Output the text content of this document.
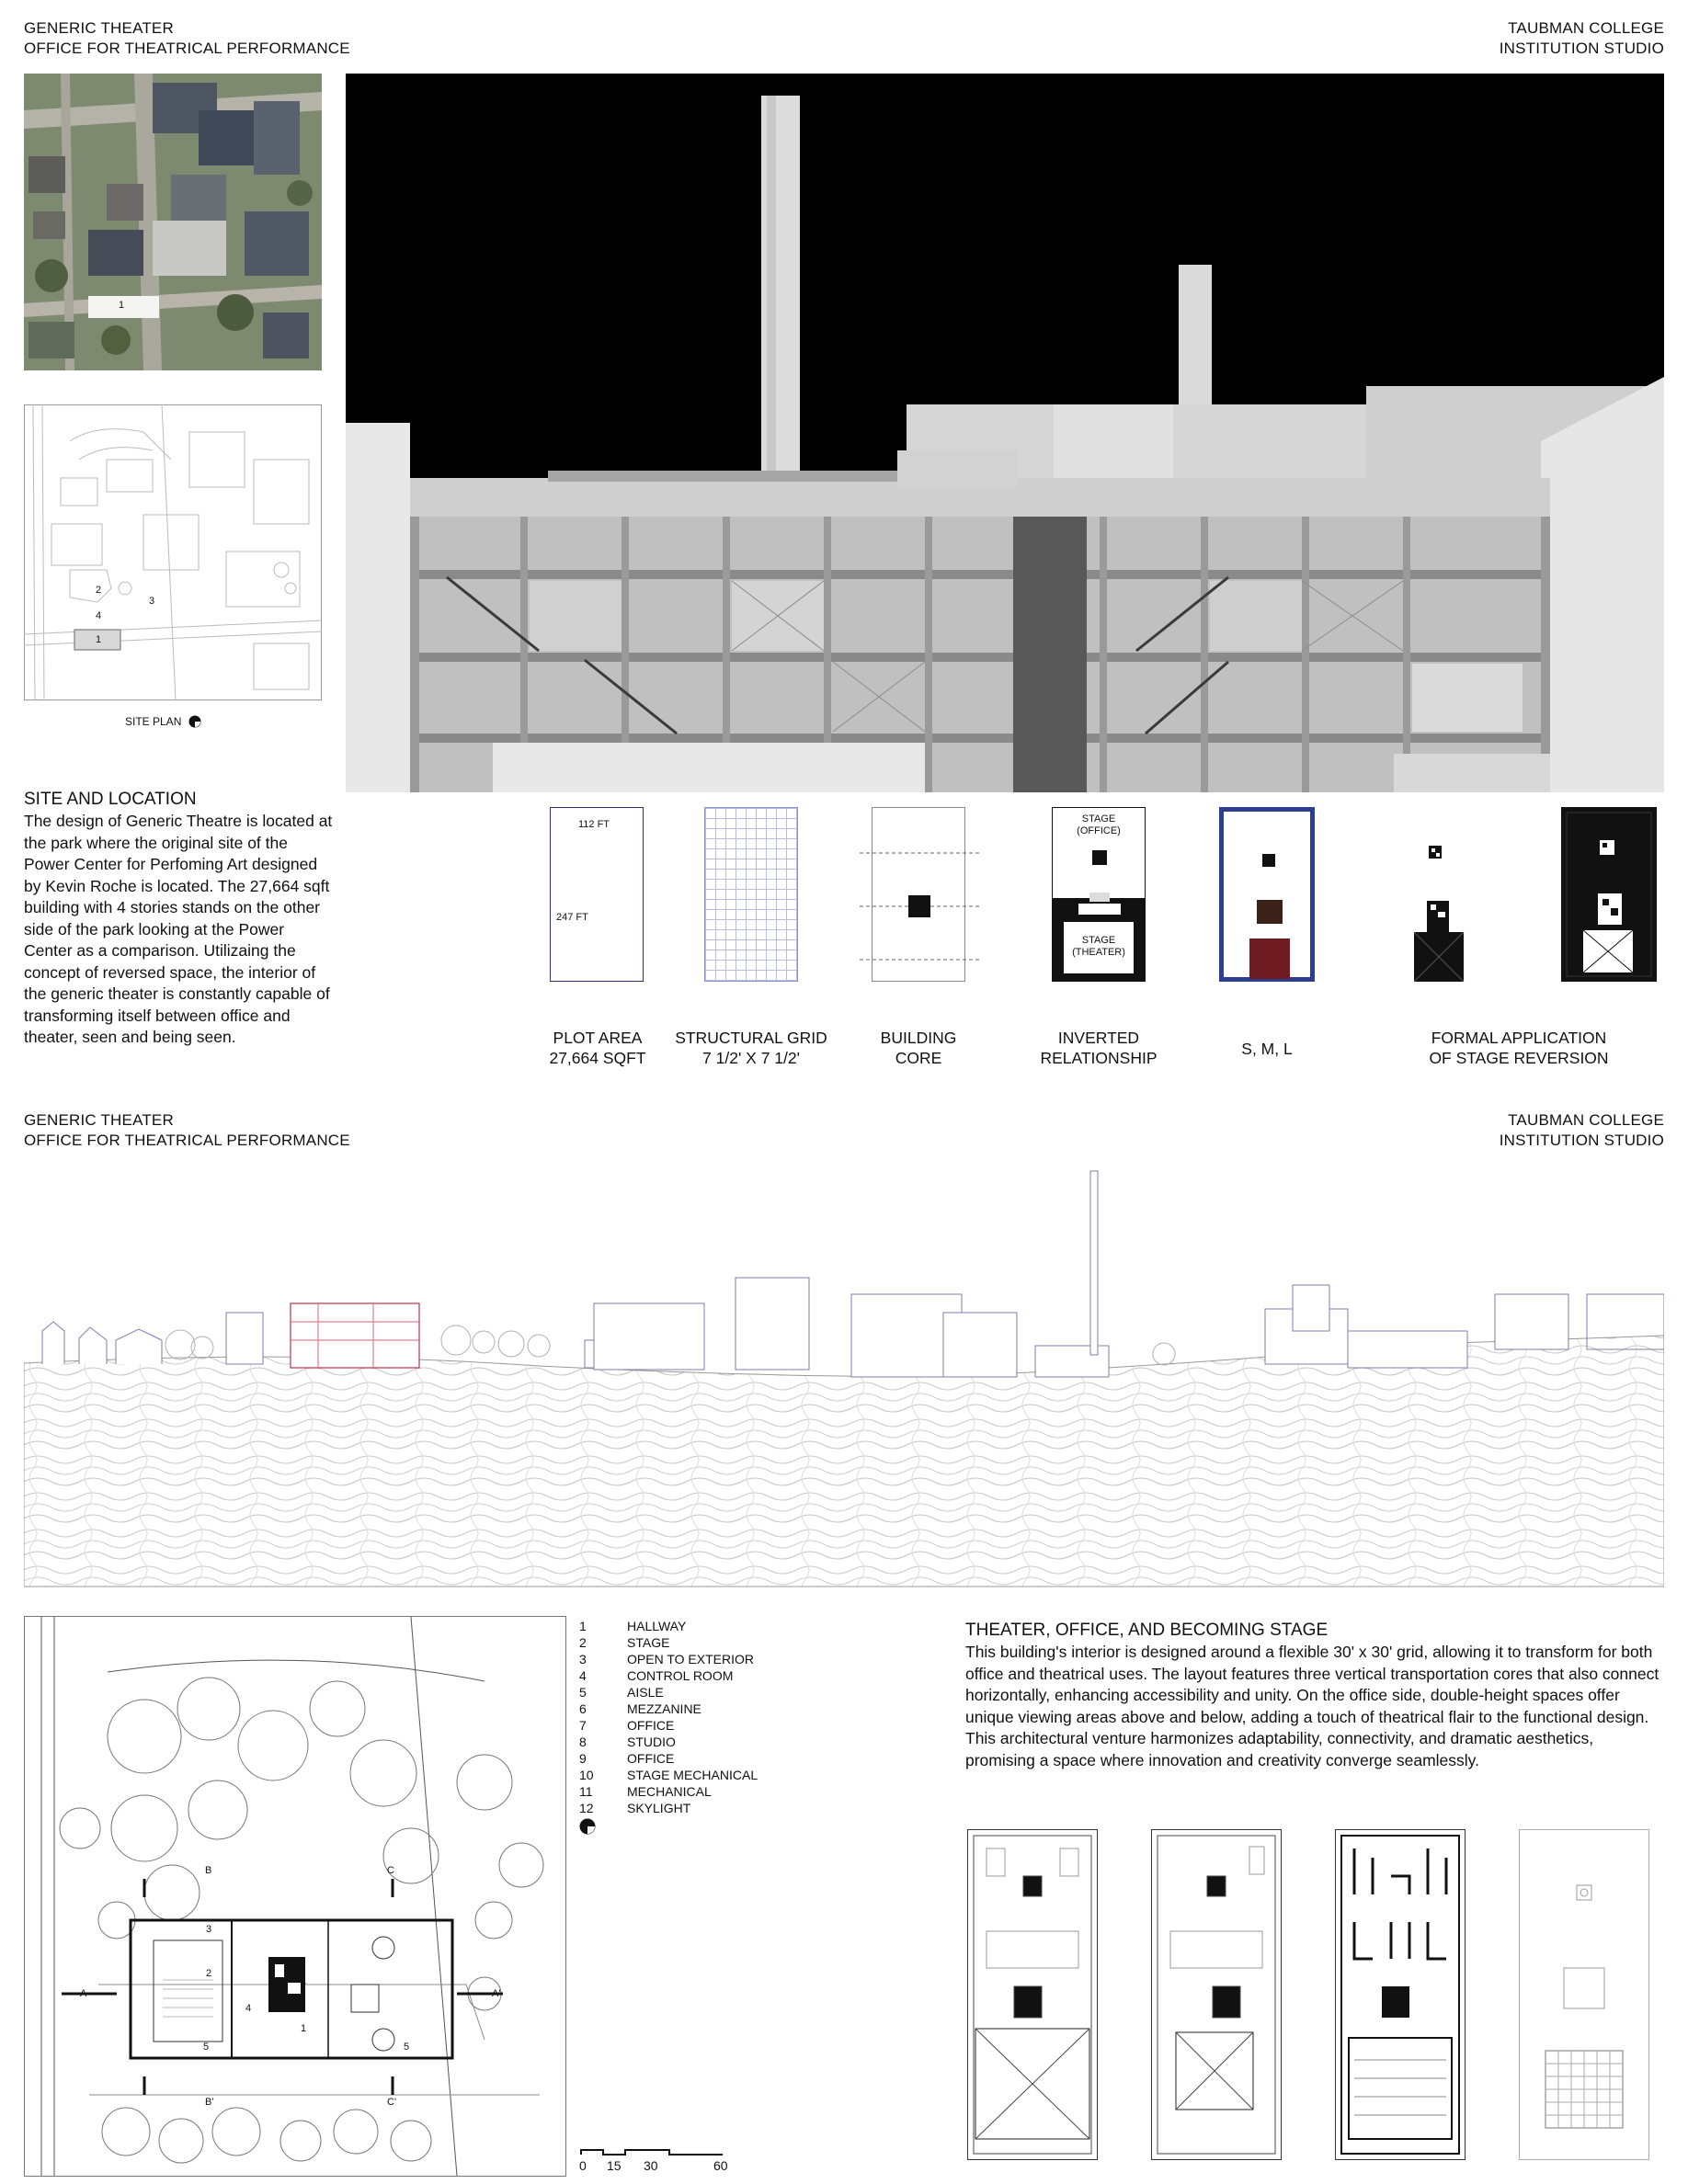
GENERIC THEATER
OFFICE FOR THEATRICAL PERFORMANCE
TAUBMAN COLLEGE
INSTITUTION STUDIO
1
2
3
4
1
SITE PLAN
SITE AND LOCATION
The design of Generic Theatre is located at the park where the original site of the Power Center for Perfoming Art designed by Kevin Roche is located. The 27,664 sqft building with 4 stories stands on the other side of the park looking at the Power Center as a comparison. Utilizaing the concept of reversed space, the interior of the generic theater is constantly capable of transforming itself between office and theater, seen and being seen.
112 FT
247 FT
STAGE
(OFFICE)
STAGE
(THEATER)
PLOT AREA
27,664 SQFT
STRUCTURAL GRID
7 1/2' X 7 1/2'
BUILDING
CORE
INVERTED
RELATIONSHIP	S, M, L
FORMAL APPLICATION
OF STAGE REVERSION
GENERIC THEATER
OFFICE FOR THEATRICAL PERFORMANCE
TAUBMAN COLLEGE
INSTITUTION STUDIO
A	A'
B
B'
C
C'
3
2
4
1
5	5
1
1	HALLWAY
2	STAGE
3	OPEN TO EXTERIOR
4	CONTROL ROOM
5	AISLE
6	MEZZANINE
7	OFFICE
8	STUDIO
9	OFFICE
10	STAGE MECHANICAL
11	MECHANICAL
12	SKYLIGHT
0 15 30	60
THEATER, OFFICE, AND BECOMING STAGE
This building's interior is designed around a flexible 30' x 30' grid, allowing it to transform for both office and theatrical uses. The layout features three vertical transportation cores that also connect horizontally, enhancing accessibility and unity. On the office side, double-height spaces offer unique viewing areas above and below, adding a touch of theatrical flair to the functional design. This architectural venture harmonizes adaptability, connectivity, and dramatic aesthetics, promising a space where innovation and creativity converge seamlessly.
